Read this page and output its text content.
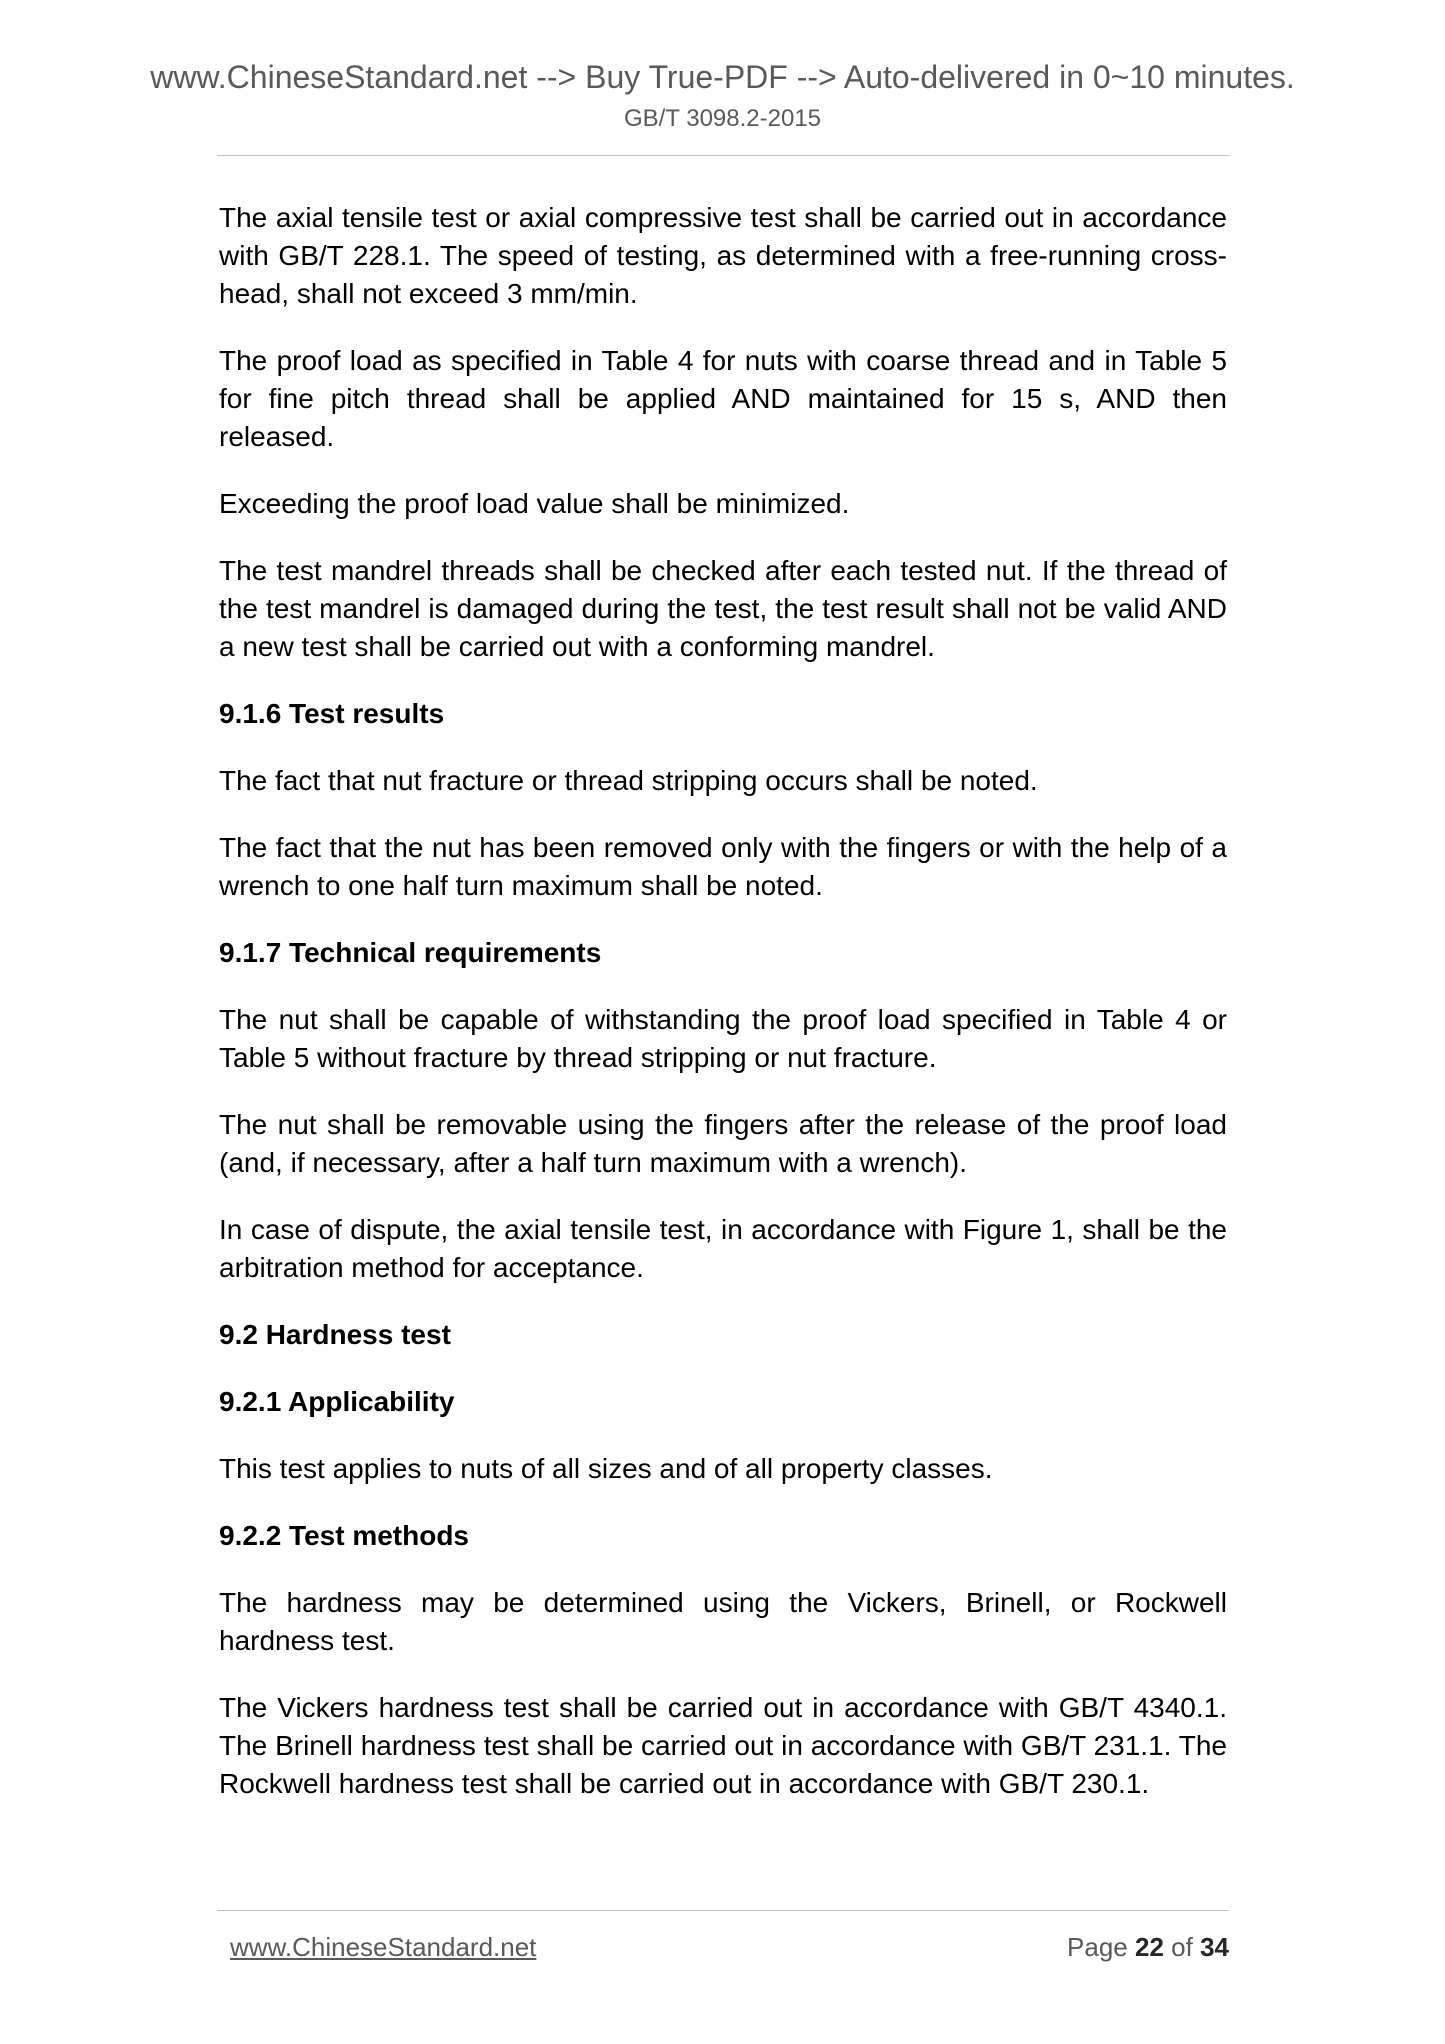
www.ChineseStandard.net --> Buy True-PDF --> Auto-delivered in 0~10 minutes.
GB/T 3098.2-2015

The axial tensile test or axial compressive test shall be carried out in accordance with GB/T 228.1. The speed of testing, as determined with a free-running cross-head, shall not exceed 3 mm/min.

The proof load as specified in Table 4 for nuts with coarse thread and in Table 5 for fine pitch thread shall be applied AND maintained for 15 s, AND then released.

Exceeding the proof load value shall be minimized.

The test mandrel threads shall be checked after each tested nut. If the thread of the test mandrel is damaged during the test, the test result shall not be valid AND a new test shall be carried out with a conforming mandrel.

9.1.6 Test results

The fact that nut fracture or thread stripping occurs shall be noted.

The fact that the nut has been removed only with the fingers or with the help of a wrench to one half turn maximum shall be noted.

9.1.7 Technical requirements

The nut shall be capable of withstanding the proof load specified in Table 4 or Table 5 without fracture by thread stripping or nut fracture.

The nut shall be removable using the fingers after the release of the proof load (and, if necessary, after a half turn maximum with a wrench).

In case of dispute, the axial tensile test, in accordance with Figure 1, shall be the arbitration method for acceptance.

9.2 Hardness test
9.2.1 Applicability

This test applies to nuts of all sizes and of all property classes.

9.2.2 Test methods

The hardness may be determined using the Vickers, Brinell, or Rockwell hardness test.

The Vickers hardness test shall be carried out in accordance with GB/T 4340.1. The Brinell hardness test shall be carried out in accordance with GB/T 231.1. The Rockwell hardness test shall be carried out in accordance with GB/T 230.1.

www.ChineseStandard.net	Page 22 of 34
